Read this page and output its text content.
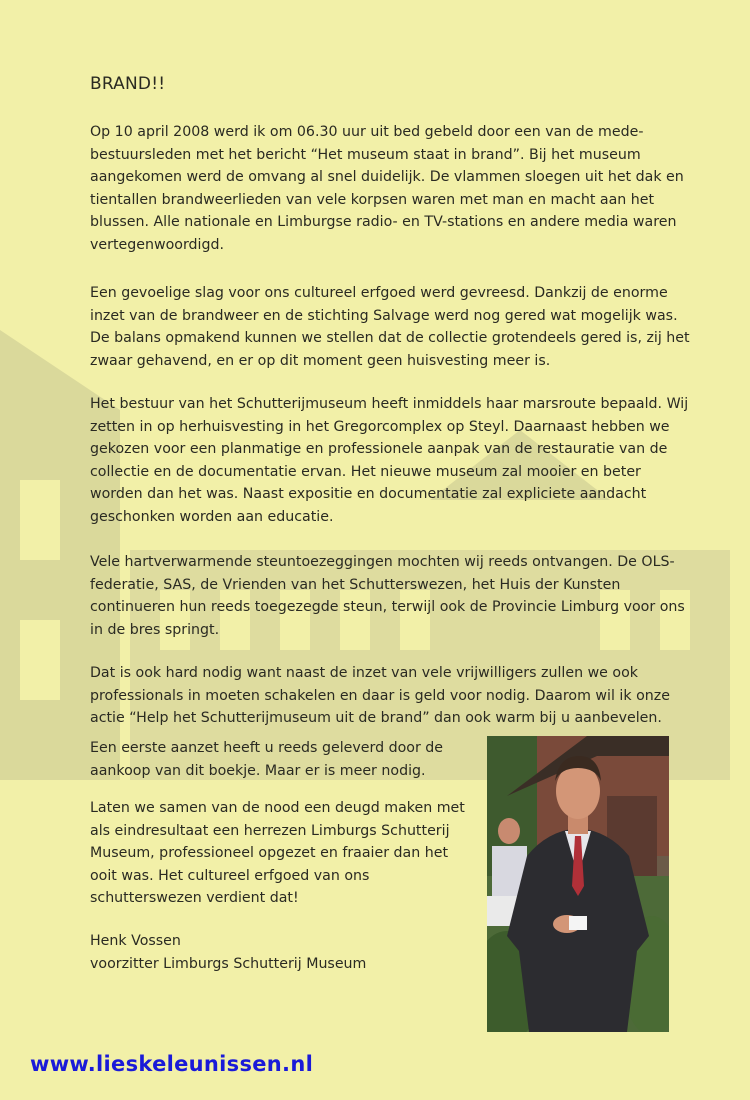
BRAND!!

Op 10 april 2008 werd ik om 06.30 uur uit bed gebeld door een van de mede-bestuursleden met het bericht “Het museum staat in brand”. Bij het museum aangekomen werd de omvang al snel duidelijk. De vlammen sloegen uit het dak en tientallen brandweerlieden van vele korpsen waren met man en macht aan het blussen. Alle nationale en Limburgse radio- en TV-stations en andere media waren vertegenwoordigd.

Een gevoelige slag voor ons cultureel erfgoed werd gevreesd. Dankzij de enorme inzet van de brandweer en de stichting Salvage werd nog gered wat mogelijk was. De balans opmakend kunnen we stellen dat de collectie grotendeels gered is, zij het zwaar gehavend, en er op dit moment geen huisvesting meer is.

Het bestuur van het Schutterijmuseum heeft inmiddels haar marsroute bepaald. Wij zetten in op herhuisvesting in het Gregorcomplex op Steyl. Daarnaast hebben we gekozen voor een planmatige en professionele aanpak van de restauratie van de collectie en de documentatie ervan. Het nieuwe museum zal mooier en beter worden dan het was. Naast expositie en documentatie zal expliciete aandacht geschonken worden aan educatie.

Vele hartverwarmende steuntoezeggingen mochten wij reeds ontvangen. De OLS-federatie, SAS, de Vrienden van het Schutterswezen, het Huis der Kunsten continueren hun reeds toegezegde steun, terwijl ook de Provincie Limburg voor ons in de bres springt.

Dat is ook hard nodig want naast de inzet van vele vrijwilligers zullen we ook professionals in moeten schakelen en daar is geld voor nodig. Daarom wil ik onze actie “Help het Schutterijmuseum uit de brand” dan ook warm bij u aanbevelen.

Een eerste aanzet heeft u reeds geleverd door de aankoop van dit boekje. Maar er is meer nodig.

Laten we samen van de nood een deugd maken met als eindresultaat een herrezen Limburgs Schutterij Museum, professioneel opgezet en fraaier dan het ooit was. Het cultureel erfgoed van ons schutterswezen verdient dat!

Henk Vossen
voorzitter Limburgs Schutterij Museum
www.lieskeleunissen.nl
